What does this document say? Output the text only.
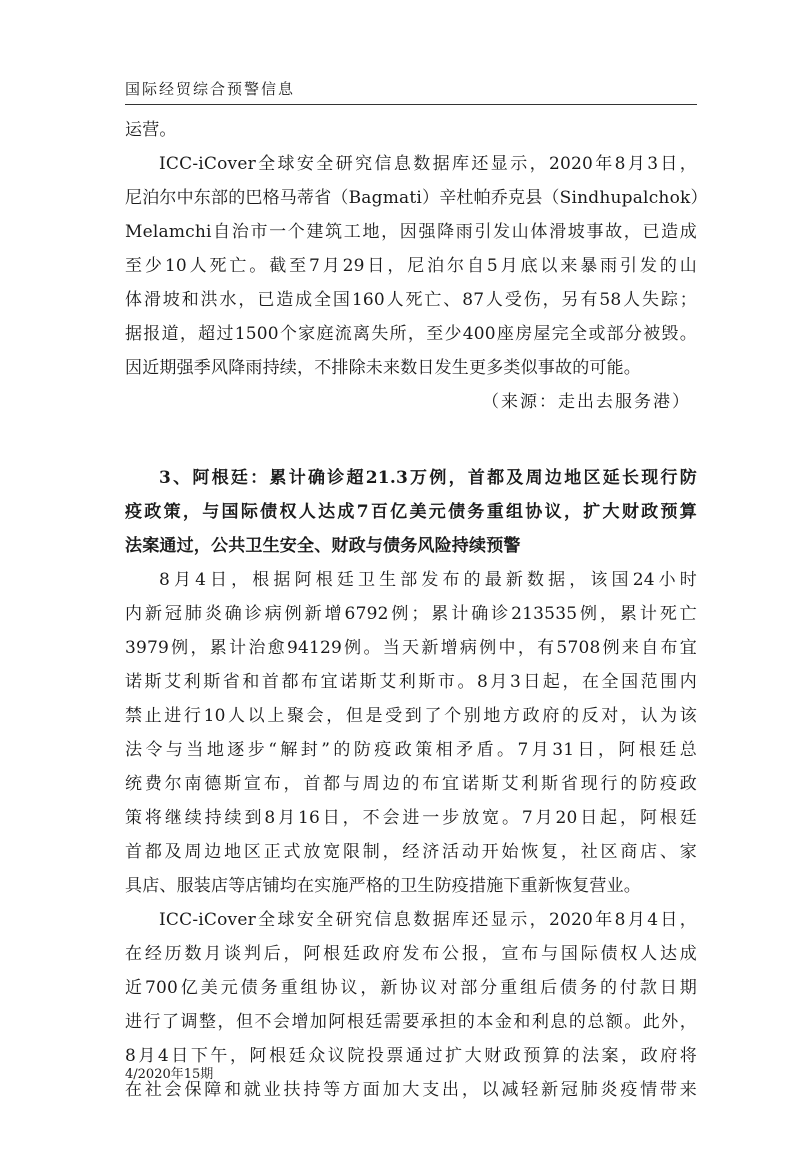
国际经贸综合预警信息
运营。
ICC-iCover全球安全研究信息数据库还显示，2020年8月3日，
尼泊尔中东部的巴格马蒂省（Bagmati）辛杜帕乔克县（Sindhupalchok）
Melamchi自治市一个建筑工地，因强降雨引发山体滑坡事故，已造成
至少10人死亡。截至7月29日，尼泊尔自5月底以来暴雨引发的山
体滑坡和洪水，已造成全国160人死亡、87人受伤，另有58人失踪；
据报道，超过1500个家庭流离失所，至少400座房屋完全或部分被毁。
因近期强季风降雨持续，不排除未来数日发生更多类似事故的可能。
（来源：走出去服务港）
3、阿根廷：累计确诊超21.3万例，首都及周边地区延长现行防
疫政策，与国际债权人达成7百亿美元债务重组协议，扩大财政预算
法案通过，公共卫生安全、财政与债务风险持续预警
8月4日，根据阿根廷卫生部发布的最新数据，该国24小时
内新冠肺炎确诊病例新增6792例；累计确诊213535例，累计死亡
3979例，累计治愈94129例。当天新增病例中，有5708例来自布宜
诺斯艾利斯省和首都布宜诺斯艾利斯市。8月3日起，在全国范围内
禁止进行10人以上聚会，但是受到了个别地方政府的反对，认为该
法令与当地逐步“解封”的防疫政策相矛盾。7月31日，阿根廷总
统费尔南德斯宣布，首都与周边的布宜诺斯艾利斯省现行的防疫政
策将继续持续到8月16日，不会进一步放宽。7月20日起，阿根廷
首都及周边地区正式放宽限制，经济活动开始恢复，社区商店、家
具店、服装店等店铺均在实施严格的卫生防疫措施下重新恢复营业。
ICC-iCover全球安全研究信息数据库还显示，2020年8月4日，
在经历数月谈判后，阿根廷政府发布公报，宣布与国际债权人达成
近700亿美元债务重组协议，新协议对部分重组后债务的付款日期
进行了调整，但不会增加阿根廷需要承担的本金和利息的总额。此外，
8月4日下午，阿根廷众议院投票通过扩大财政预算的法案，政府将
在社会保障和就业扶持等方面加大支出，以减轻新冠肺炎疫情带来
4/2020年15期
